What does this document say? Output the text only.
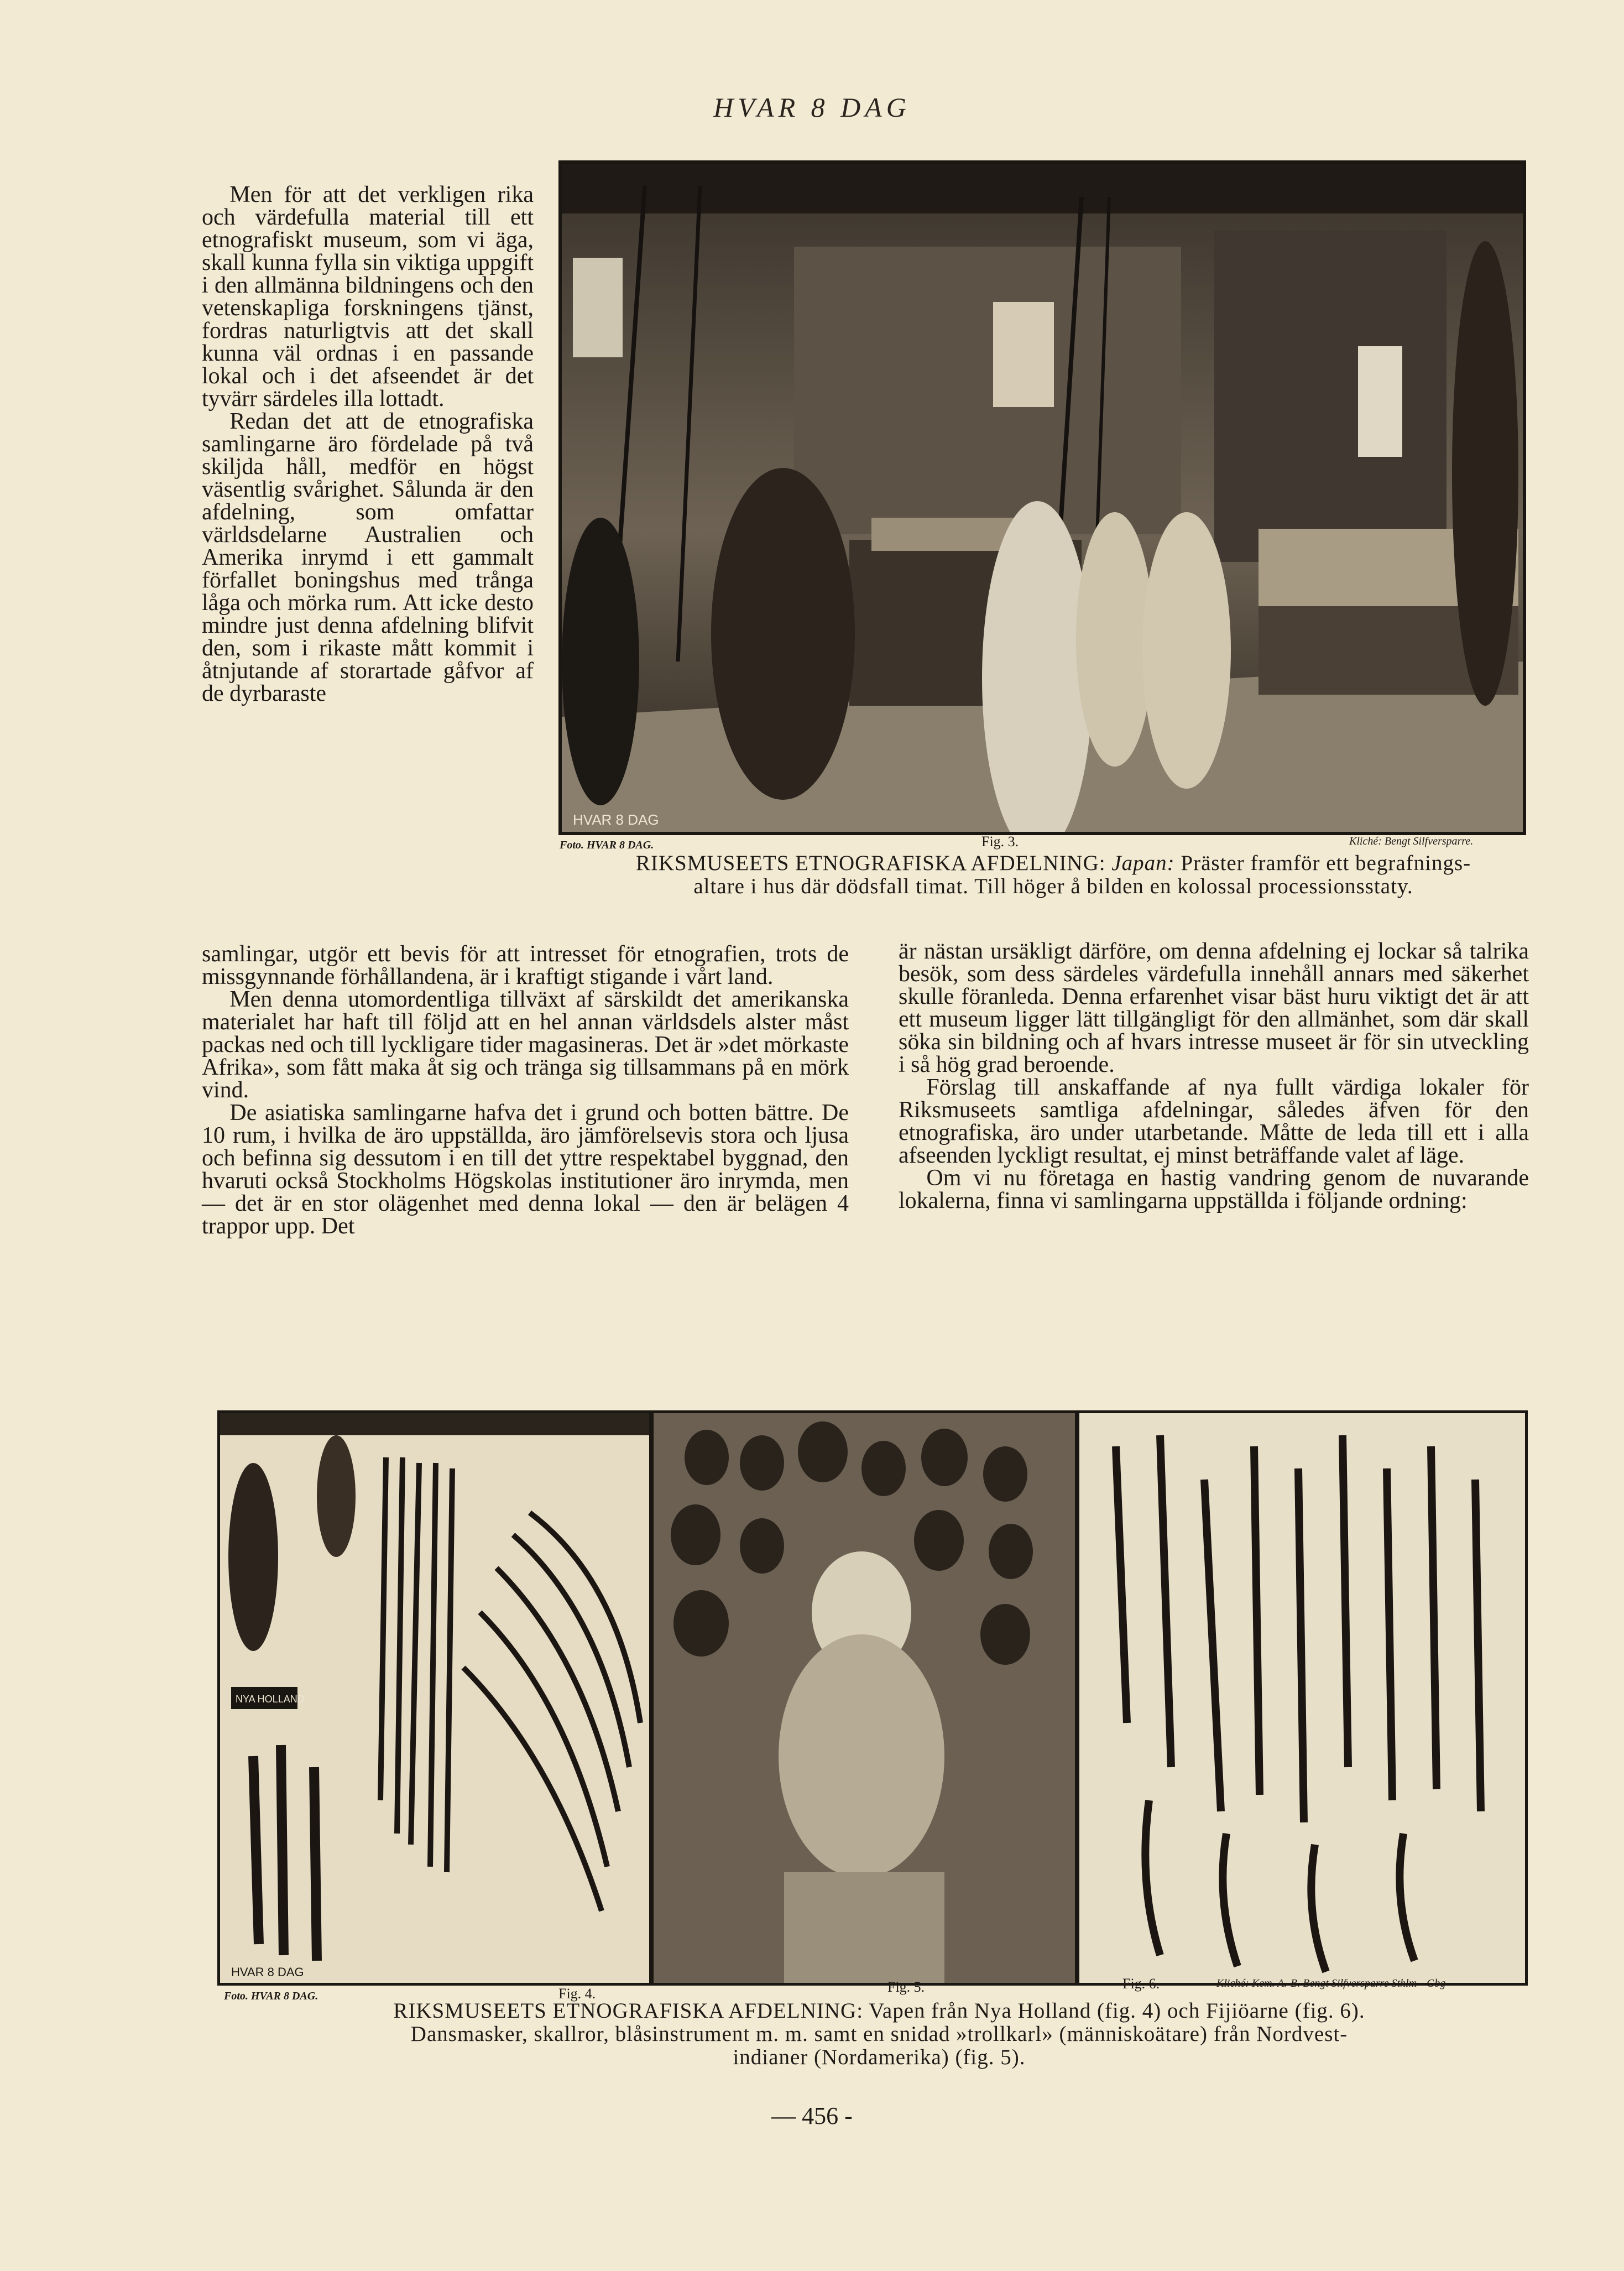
HVAR 8 DAG

Men för att det verkligen rika och värdefulla material till ett etnografiskt museum, som vi äga, skall kunna fylla sin viktiga uppgift i den allmänna bildningens och den vetenskapliga forskningens tjänst, fordras naturligtvis att det skall kunna väl ordnas i en passande lokal och i det afseendet är det tyvärr särdeles illa lottadt.

Redan det att de etnografiska samlingarne äro fördelade på två skiljda håll, medför en högst väsentlig svårighet. Sålunda är den afdelning, som omfattar världsdelarne Australien och Amerika inrymd i ett gammalt förfallet boningshus med trånga låga och mörka rum. Att icke desto mindre just denna afdelning blifvit den, som i rikaste mått kommit i åtnjutande af storartade gåfvor af de dyrbaraste

HVAR 8 DAG
Foto. HVAR 8 DAG.	Fig. 3.	Kliché: Bengt Silfversparre.
RIKSMUSEETS ETNOGRAFISKA AFDELNING: Japan: Präster framför ett begrafnings-
altare i hus där dödsfall timat. Till höger å bilden en kolossal processionsstaty.

samlingar, utgör ett bevis för att intresset för etnografien, trots de missgynnande förhållandena, är i kraftigt stigande i vårt land.

Men denna utomordentliga tillväxt af särskildt det amerikanska materialet har haft till följd att en hel annan världsdels alster måst packas ned och till lyckligare tider magasineras. Det är »det mörkaste Afrika», som fått maka åt sig och tränga sig tillsammans på en mörk vind.

De asiatiska samlingarne hafva det i grund och botten bättre. De 10 rum, i hvilka de äro uppställda, äro jämförelsevis stora och ljusa och befinna sig dessutom i en till det yttre respektabel byggnad, den hvaruti också Stockholms Högskolas institutioner äro inrymda, men — det är en stor olägenhet med denna lokal — den är belägen 4 trappor upp. Det

är nästan ursäkligt därföre, om denna afdelning ej lockar så talrika besök, som dess särdeles värdefulla innehåll annars med säkerhet skulle föranleda. Denna erfarenhet visar bäst huru viktigt det är att ett museum ligger lätt tillgängligt för den allmänhet, som där skall söka sin bildning och af hvars intresse museet är för sin utveckling i så hög grad beroende.

Förslag till anskaffande af nya fullt värdiga lokaler för Riksmuseets samtliga afdelningar, således äfven för den etnografiska, äro under utarbetande. Måtte de leda till ett i alla afseenden lyckligt resultat, ej minst beträffande valet af läge.

Om vi nu företaga en hastig vandring genom de nuvarande lokalerna, finna vi samlingarna uppställda i följande ordning:

NYA HOLLAND
HVAR 8 DAG
Foto. HVAR 8 DAG.	Fig. 4.	Fig. 5.	Fig. 6.	Kliché: Kem. A.-B. Bengt Silfversparre Sthlm—Gbg
RIKSMUSEETS ETNOGRAFISKA AFDELNING: Vapen från Nya Holland (fig. 4) och Fijiöarne (fig. 6).
Dansmasker, skallror, blåsinstrument m. m. samt en snidad »trollkarl» (människoätare) från Nordvest-
indianer (Nordamerika) (fig. 5).
— 456 -
